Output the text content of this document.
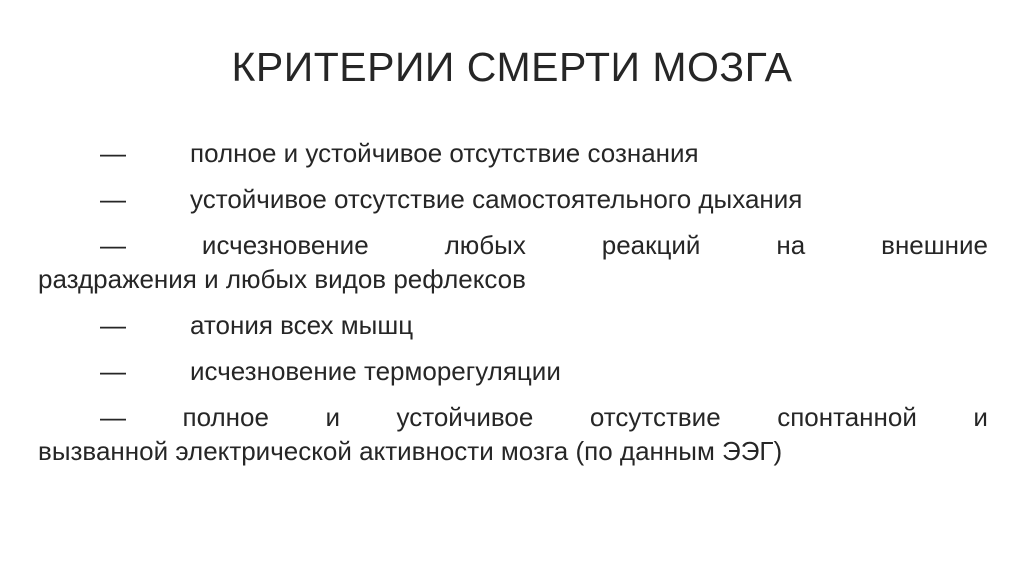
КРИТЕРИИ СМЕРТИ МОЗГА
— полное и устойчивое отсутствие сознания
— устойчивое отсутствие самостоятельного дыхания
—	исчезновение	любых	реакций	на	внешние
раздражения и любых видов рефлексов
— атония всех мышц
— исчезновение терморегуляции
— полное и устойчивое отсутствие спонтанной и
вызванной электрической активности мозга (по данным ЭЭГ)
